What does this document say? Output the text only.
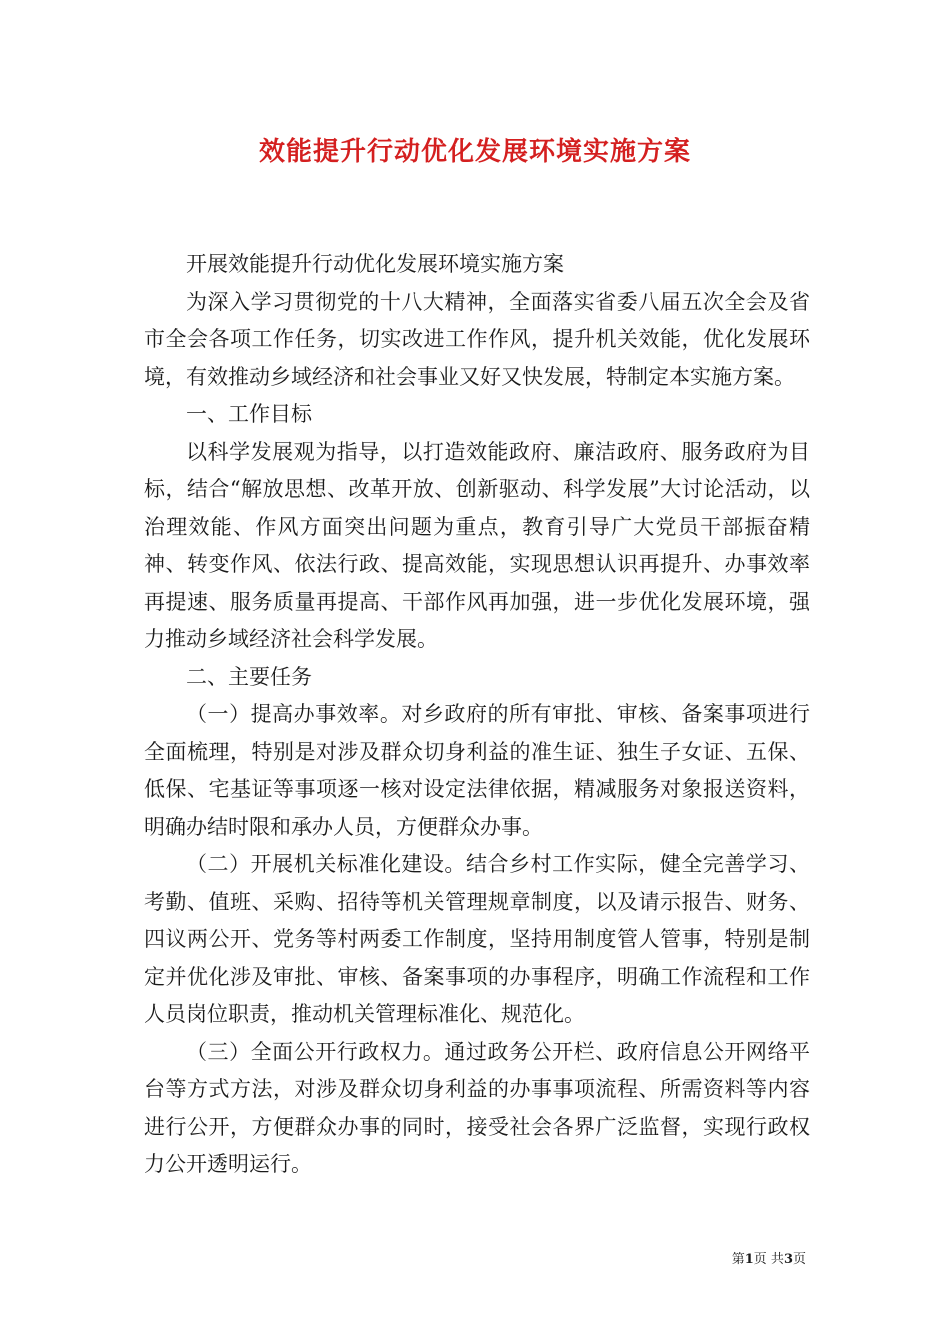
效能提升行动优化发展环境实施方案

开展效能提升行动优化发展环境实施方案

为深入学习贯彻党的十八大精神，全面落实省委八届五次全会及省市全会各项工作任务，切实改进工作作风，提升机关效能，优化发展环境，有效推动乡域经济和社会事业又好又快发展，特制定本实施方案。

一、工作目标

以科学发展观为指导，以打造效能政府、廉洁政府、服务政府为目标，结合“解放思想、改革开放、创新驱动、科学发展”大讨论活动，以治理效能、作风方面突出问题为重点，教育引导广大党员干部振奋精神、转变作风、依法行政、提高效能，实现思想认识再提升、办事效率再提速、服务质量再提高、干部作风再加强，进一步优化发展环境，强力推动乡域经济社会科学发展。

二、主要任务

（一）提高办事效率。对乡政府的所有审批、审核、备案事项进行全面梳理，特别是对涉及群众切身利益的准生证、独生子女证、五保、低保、宅基证等事项逐一核对设定法律依据，精减服务对象报送资料，明确办结时限和承办人员，方便群众办事。

（二）开展机关标准化建设。结合乡村工作实际，健全完善学习、考勤、值班、采购、招待等机关管理规章制度，以及请示报告、财务、四议两公开、党务等村两委工作制度，坚持用制度管人管事，特别是制定并优化涉及审批、审核、备案事项的办事程序，明确工作流程和工作人员岗位职责，推动机关管理标准化、规范化。

（三）全面公开行政权力。通过政务公开栏、政府信息公开网络平台等方式方法，对涉及群众切身利益的办事事项流程、所需资料等内容进行公开，方便群众办事的同时，接受社会各界广泛监督，实现行政权力公开透明运行。

第1页 共3页
